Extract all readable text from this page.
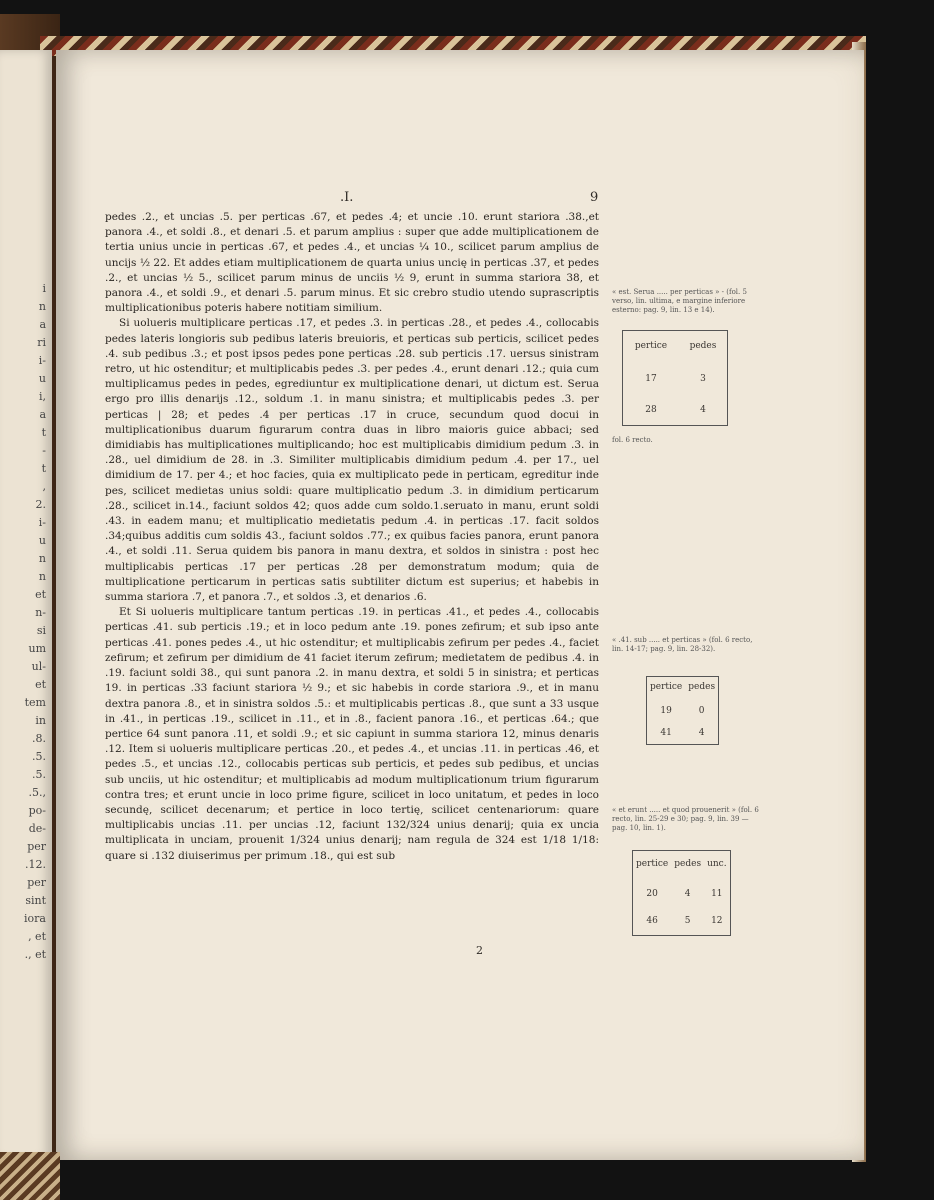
i
n
a
ri
i-
u
i,
a
t
-
t
,
2.
i-
u
n
n
et
n-
si
um
ul-
et
tem
in
.8.
.5.
.5.
.5.,
po-
de-
per
.12.
per
sint
iora
, et
., et
.I.	9

pedes .2., et uncias .5. per perticas .67, et pedes .4; et uncie .10. erunt stariora .38.,et panora .4., et soldi .8., et denari .5. et parum amplius : super que adde multiplicationem de tertia unius uncie in perticas .67, et pedes .4., et uncias ¼ 10., scilicet parum amplius de uncijs ½ 22. Et addes etiam multiplicationem de quarta unius uncię in perticas .37, et pedes .2., et uncias ½ 5., scilicet parum minus de unciis ½ 9, erunt in summa stariora 38, et panora .4., et soldi .9., et denari .5. parum minus. Et sic crebro studio utendo suprascriptis multiplicationibus poteris habere notitiam similium.

Si uolueris multiplicare perticas .17, et pedes .3. in perticas .28., et pedes .4., collocabis pedes lateris longioris sub pedibus lateris breuioris, et perticas sub perticis, scilicet pedes .4. sub pedibus .3.; et post ipsos pedes pone perticas .28. sub perticis .17. uersus sinistram retro, ut hic ostenditur; et multiplicabis pedes .3. per pedes .4., erunt denari .12.; quia cum multiplicamus pedes in pedes, egrediuntur ex multiplicatione denari, ut dictum est. Serua ergo pro illis denarijs .12., soldum .1. in manu sinistra; et multiplicabis pedes .3. per perticas | 28; et pedes .4 per perticas .17 in cruce, secundum quod docui in multiplicationibus duarum figurarum contra duas in libro maioris guice abbaci; sed dimidiabis has multiplicationes multiplicando; hoc est multiplicabis dimidium pedum .3. in .28., uel dimidium de 28. in .3. Similiter multiplicabis dimidium pedum .4. per 17., uel dimidium de 17. per 4.; et hoc facies, quia ex multiplicato pede in perticam, egreditur inde pes, scilicet medietas unius soldi: quare multiplicatio pedum .3. in dimidium perticarum .28., scilicet in.14., faciunt soldos 42; quos adde cum soldo.1.seruato in manu, erunt soldi .43. in eadem manu; et multiplicatio medietatis pedum .4. in perticas .17. facit soldos .34;quibus additis cum soldis 43., faciunt soldos .77.; ex quibus facies panora, erunt panora .4., et soldi .11. Serua quidem bis panora in manu dextra, et soldos in sinistra : post hec multiplicabis perticas .17 per perticas .28 per demonstratum modum; quia de multiplicatione perticarum in perticas satis subtiliter dictum est superius; et habebis in summa stariora .7, et panora .7., et soldos .3, et denarios .6.

Et Si uolueris multiplicare tantum perticas .19. in perticas .41., et pedes .4., collocabis perticas .41. sub perticis .19.; et in loco pedum ante .19. pones zefirum; et sub ipso ante perticas .41. pones pedes .4., ut hic ostenditur; et multiplicabis zefirum per pedes .4., faciet zefirum; et zefirum per dimidium de 41 faciet iterum zefirum; medietatem de pedibus .4. in .19. faciunt soldi 38., qui sunt panora .2. in manu dextra, et soldi 5 in sinistra; et perticas 19. in perticas .33 faciunt stariora ½ 9.; et sic habebis in corde stariora .9., et in manu dextra panora .8., et in sinistra soldos .5.: et multiplicabis perticas .8., que sunt a 33 usque in .41., in perticas .19., scilicet in .11., et in .8., facient panora .16., et perticas .64.; que pertice 64 sunt panora .11, et soldi .9.; et sic capiunt in summa stariora 12, minus denaris .12. Item si uolueris multiplicare perticas .20., et pedes .4., et uncias .11. in perticas .46, et pedes .5., et uncias .12., collocabis perticas sub perticis, et pedes sub pedibus, et uncias sub unciis, ut hic ostenditur; et multiplicabis ad modum multiplicationum trium figurarum contra tres; et erunt uncie in loco prime figure, scilicet in loco unitatum, et pedes in loco secundę, scilicet decenarum; et pertice in loco tertię, scilicet centenariorum: quare multiplicabis uncias .11. per uncias .12, faciunt 132/324 unius denarij; quia ex uncia multiplicata in unciam, prouenit 1/324 unius denarij; nam regula de 324 est 1/18 1/18: quare si .132 diuiserimus per primum .18., qui est sub

2
« est. Serua ..... per perticas » - (fol. 5 verso, lin. ultima, e margine inferiore esterno: pag. 9, lin. 13 e 14).
fol. 6 recto.
« .41. sub ..... et perticas » (fol. 6 recto, lin. 14-17; pag. 9, lin. 28-32).
« et erunt ..... et quod prouenerit » (fol. 6 recto, lin. 25-29 e 30; pag. 9, lin. 39 — pag. 10, lin. 1).
pertice	pedes
17	3
28	4
pertice	pedes
19	0
41	4
pertice	pedes	unc.
20	4	11
46	5	12
